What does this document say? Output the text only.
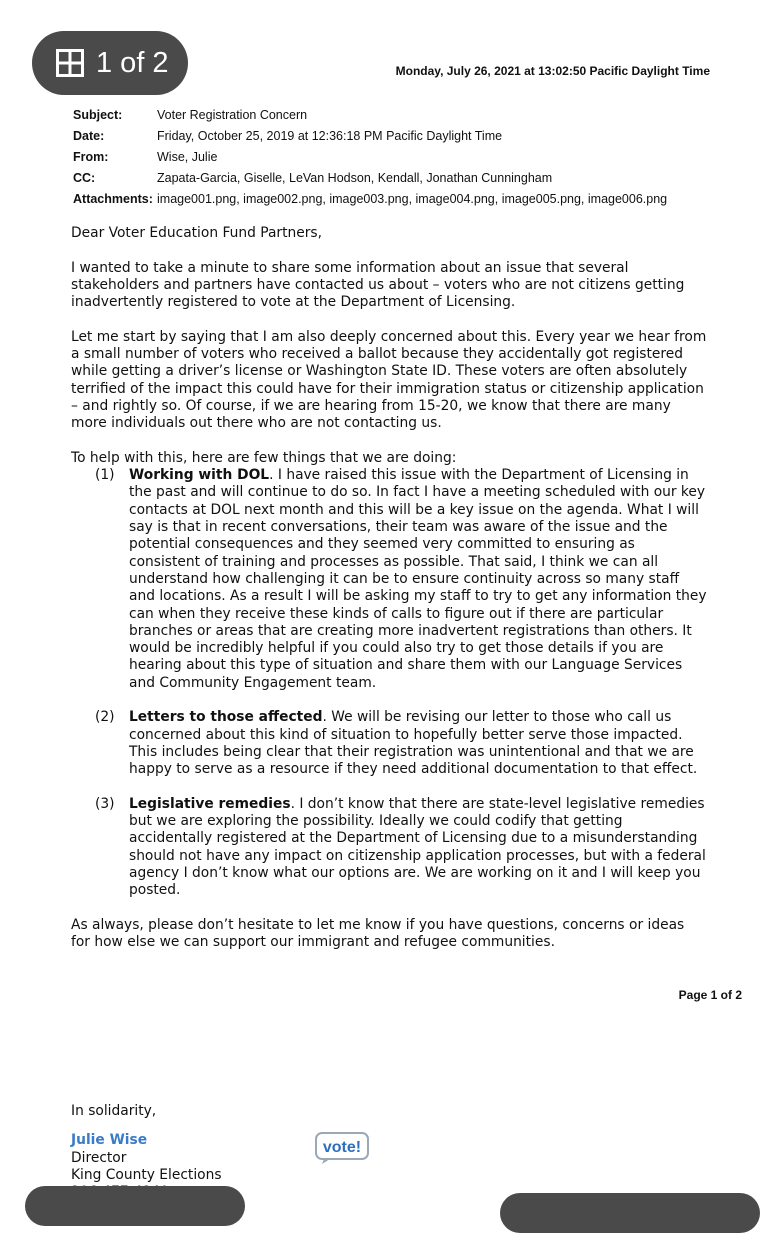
1 of 2	Monday, July 26, 2021 at 13:02:50 Pacific Daylight Time
Subject:	Voter Registration Concern
Date:	Friday, October 25, 2019 at 12:36:18 PM Pacific Daylight Time
From:	Wise, Julie
CC:	Zapata-Garcia, Giselle, LeVan Hodson, Kendall, Jonathan Cunningham
Attachments: image001.png, image002.png, image003.png, image004.png, image005.png, image006.png

Dear Voter Education Fund Partners,

I wanted to take a minute to share some information about an issue that several stakeholders and partners have contacted us about – voters who are not citizens getting inadvertently registered to vote at the Department of Licensing.

Let me start by saying that I am also deeply concerned about this. Every year we hear from a small number of voters who received a ballot because they accidentally got registered while getting a driver’s license or Washington State ID. These voters are often absolutely terrified of the impact this could have for their immigration status or citizenship application – and rightly so. Of course, if we are hearing from 15-20, we know that there are many more individuals out there who are not contacting us.

To help with this, here are few things that we are doing:

(1)	Working with DOL. I have raised this issue with the Department of Licensing in the past and will continue to do so. In fact I have a meeting scheduled with our key contacts at DOL next month and this will be a key issue on the agenda. What I will say is that in recent conversations, their team was aware of the issue and the potential consequences and they seemed very committed to ensuring as consistent of training and processes as possible. That said, I think we can all understand how challenging it can be to ensure continuity across so many staff and locations. As a result I will be asking my staff to try to get any information they can when they receive these kinds of calls to figure out if there are particular branches or areas that are creating more inadvertent registrations than others. It would be incredibly helpful if you could also try to get those details if you are hearing about this type of situation and share them with our Language Services and Community Engagement team.
(2)	Letters to those affected. We will be revising our letter to those who call us concerned about this kind of situation to hopefully better serve those impacted. This includes being clear that their registration was unintentional and that we are happy to serve as a resource if they need additional documentation to that effect.
(3)	Legislative remedies. I don’t know that there are state-level legislative remedies but we are exploring the possibility. Ideally we could codify that getting accidentally registered at the Department of Licensing due to a misunderstanding should not have any impact on citizenship application processes, but with a federal agency I don’t know what our options are. We are working on it and I will keep you posted.

As always, please don’t hesitate to let me know if you have questions, concerns or ideas for how else we can support our immigrant and refugee communities.

Page 1 of 2
In solidarity,
Julie Wise
Director
King County Elections
vote!
